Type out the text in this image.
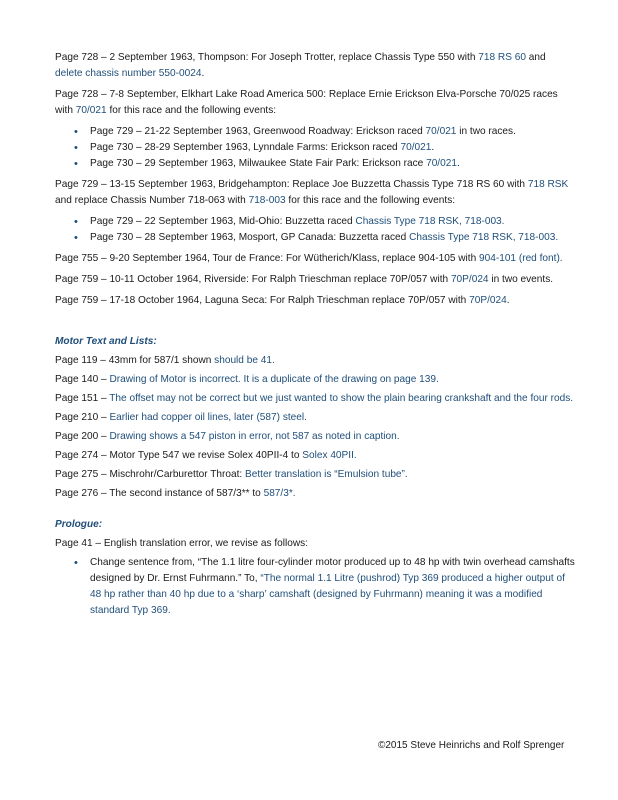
Page 728 – 2 September 1963, Thompson: For Joseph Trotter, replace Chassis Type 550 with 718 RS 60 and delete chassis number 550-0024.

Page 728 – 7-8 September, Elkhart Lake Road America 500: Replace Ernie Erickson Elva-Porsche 70/025 races with 70/021 for this race and the following events:

• Page 729 – 21-22 September 1963, Greenwood Roadway: Erickson raced 70/021 in two races.
• Page 730 – 28-29 September 1963, Lynndale Farms: Erickson raced 70/021.
• Page 730 – 29 September 1963, Milwaukee State Fair Park: Erickson race 70/021.

Page 729 – 13-15 September 1963, Bridgehampton: Replace Joe Buzzetta Chassis Type 718 RS 60 with 718 RSK and replace Chassis Number 718-063 with 718-003 for this race and the following events:

• Page 729 – 22 September 1963, Mid-Ohio: Buzzetta raced Chassis Type 718 RSK, 718-003.
• Page 730 – 28 September 1963, Mosport, GP Canada: Buzzetta raced Chassis Type 718 RSK, 718-003.

Page 755 – 9-20 September 1964, Tour de France: For Wütherich/Klass, replace 904-105 with 904-101 (red font).

Page 759 – 10-11 October 1964, Riverside: For Ralph Trieschman replace 70P/057 with 70P/024 in two events.

Page 759 – 17-18 October 1964, Laguna Seca: For Ralph Trieschman replace 70P/057 with 70P/024.

Motor Text and Lists:

Page 119 – 43mm for 587/1 shown should be 41.

Page 140 – Drawing of Motor is incorrect. It is a duplicate of the drawing on page 139.

Page 151 – The offset may not be correct but we just wanted to show the plain bearing crankshaft and the four rods.

Page 210 – Earlier had copper oil lines, later (587) steel.

Page 200 – Drawing shows a 547 piston in error, not 587 as noted in caption.

Page 274 – Motor Type 547 we revise Solex 40PII-4 to Solex 40PII.

Page 275 – Mischrohr/Carburettor Throat: Better translation is “Emulsion tube”.

Page 276 – The second instance of 587/3** to 587/3*.

Prologue:

Page 41 – English translation error, we revise as follows:

• Change sentence from, “The 1.1 litre four-cylinder motor produced up to 48 hp with twin overhead camshafts designed by Dr. Ernst Fuhrmann.” To, “The normal 1.1 Litre (pushrod) Typ 369 produced a higher output of 48 hp rather than 40 hp due to a ‘sharp’ camshaft (designed by Fuhrmann) meaning it was a modified standard Typ 369.
©2015 Steve Heinrichs and Rolf Sprenger
